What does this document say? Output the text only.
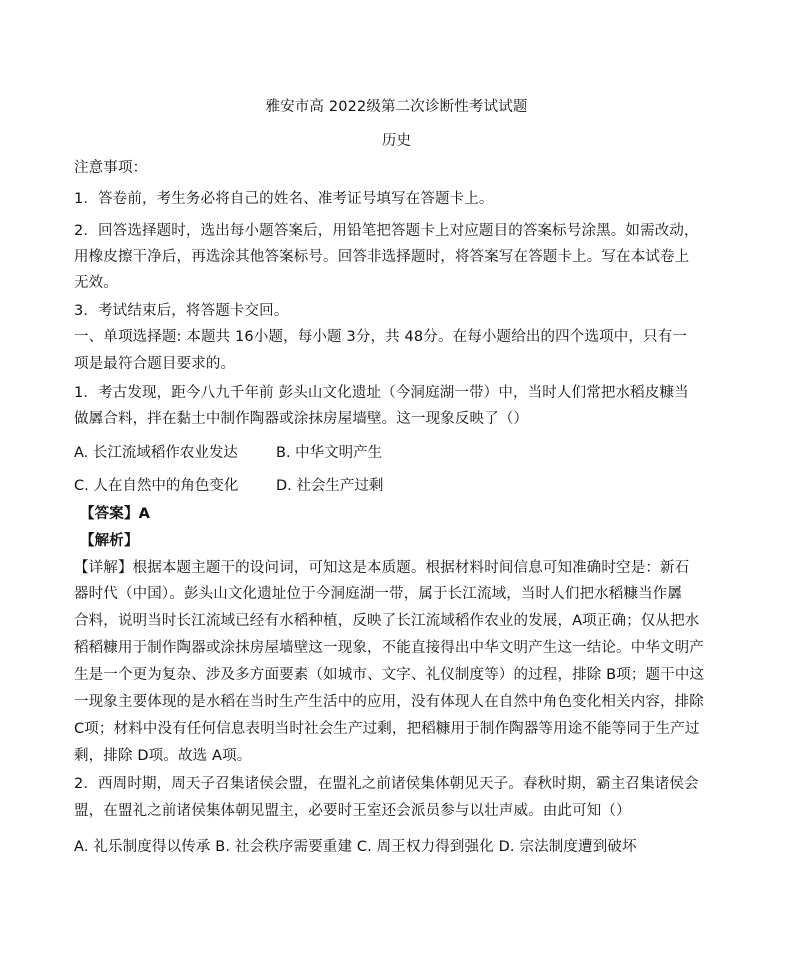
雅安市高 2022级第二次诊断性考试试题
历史
注意事项：
1．答卷前，考生务必将自己的姓名、准考证号填写在答题卡上。
2．回答选择题时，选出每小题答案后，用铅笔把答题卡上对应题目的答案标号涂黑。如需改动，
用橡皮擦干净后，再选涂其他答案标号。回答非选择题时，将答案写在答题卡上。写在本试卷上
无效。
3．考试结束后，将答题卡交回。
一、单项选择题: 本题共 16小题，每小题 3分，共 48分。在每小题给出的四个选项中，只有一
项是最符合题目要求的。
1．考古发现，距今八九千年前 彭头山文化遗址（今洞庭湖一带）中，当时人们常把水稻皮糠当
做羼合料，拌在黏土中制作陶器或涂抹房屋墙壁。这一现象反映了（）
A. 长江流域稻作农业发达	B. 中华文明产生
C. 人在自然中的角色变化	D. 社会生产过剩
【答案】A
【解析】
【详解】根据本题主题干的设问词，可知这是本质题。根据材料时间信息可知准确时空是：新石
器时代（中国）。彭头山文化遗址位于今洞庭湖一带，属于长江流域，当时人们把水稻糠当作羼
合料，说明当时长江流域已经有水稻种植，反映了长江流域稻作农业的发展，A项正确；仅从把水
稻稻糠用于制作陶器或涂抹房屋墙壁这一现象，不能直接得出中华文明产生这一结论。中华文明产
生是一个更为复杂、涉及多方面要素（如城市、文字、礼仪制度等）的过程，排除 B项；题干中这
一现象主要体现的是水稻在当时生产生活中的应用，没有体现人在自然中角色变化相关内容，排除
C项；材料中没有任何信息表明当时社会生产过剩，把稻糠用于制作陶器等用途不能等同于生产过
剩，排除 D项。故选 A项。
2．西周时期，周天子召集诸侯会盟，在盟礼之前诸侯集体朝见天子。春秋时期，霸主召集诸侯会
盟，在盟礼之前诸侯集体朝见盟主，必要时王室还会派员参与以壮声威。由此可知（）
A. 礼乐制度得以传承 B. 社会秩序需要重建 C. 周王权力得到强化 D. 宗法制度遭到破坏
